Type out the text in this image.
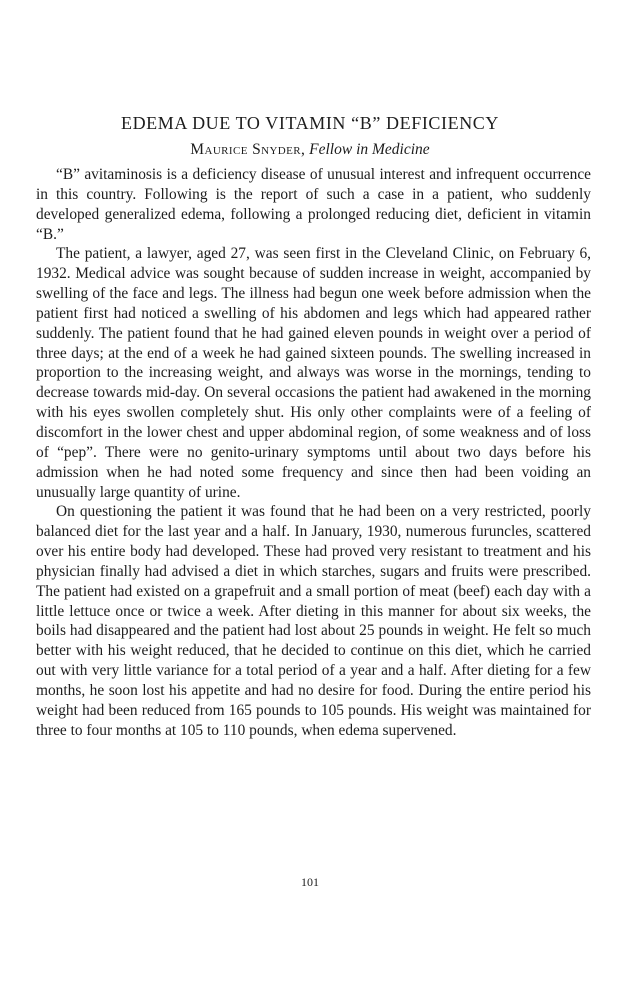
EDEMA DUE TO VITAMIN “B” DEFICIENCY
Maurice Snyder, Fellow in Medicine

“B” avitaminosis is a deficiency disease of unusual interest and infrequent occurrence in this country. Following is the report of such a case in a patient, who suddenly developed generalized edema, following a prolonged reducing diet, deficient in vitamin “B.”

The patient, a lawyer, aged 27, was seen first in the Cleveland Clinic, on February 6, 1932. Medical advice was sought because of sudden increase in weight, accompanied by swelling of the face and legs. The illness had begun one week before admission when the patient first had noticed a swelling of his abdomen and legs which had appeared rather suddenly. The patient found that he had gained eleven pounds in weight over a period of three days; at the end of a week he had gained sixteen pounds. The swelling increased in proportion to the increasing weight, and always was worse in the mornings, tending to decrease towards mid-day. On several occasions the patient had awakened in the morning with his eyes swollen completely shut. His only other complaints were of a feeling of discomfort in the lower chest and upper abdominal region, of some weakness and of loss of “pep”. There were no genito-urinary symptoms until about two days before his admission when he had noted some frequency and since then had been voiding an unusually large quantity of urine.

On questioning the patient it was found that he had been on a very restricted, poorly balanced diet for the last year and a half. In January, 1930, numerous furuncles, scattered over his entire body had developed. These had proved very resistant to treatment and his physician finally had advised a diet in which starches, sugars and fruits were prescribed. The patient had existed on a grapefruit and a small portion of meat (beef) each day with a little lettuce once or twice a week. After dieting in this manner for about six weeks, the boils had disappeared and the patient had lost about 25 pounds in weight. He felt so much better with his weight reduced, that he decided to continue on this diet, which he carried out with very little variance for a total period of a year and a half. After dieting for a few months, he soon lost his appetite and had no desire for food. During the entire period his weight had been reduced from 165 pounds to 105 pounds. His weight was maintained for three to four months at 105 to 110 pounds, when edema supervened.

101
